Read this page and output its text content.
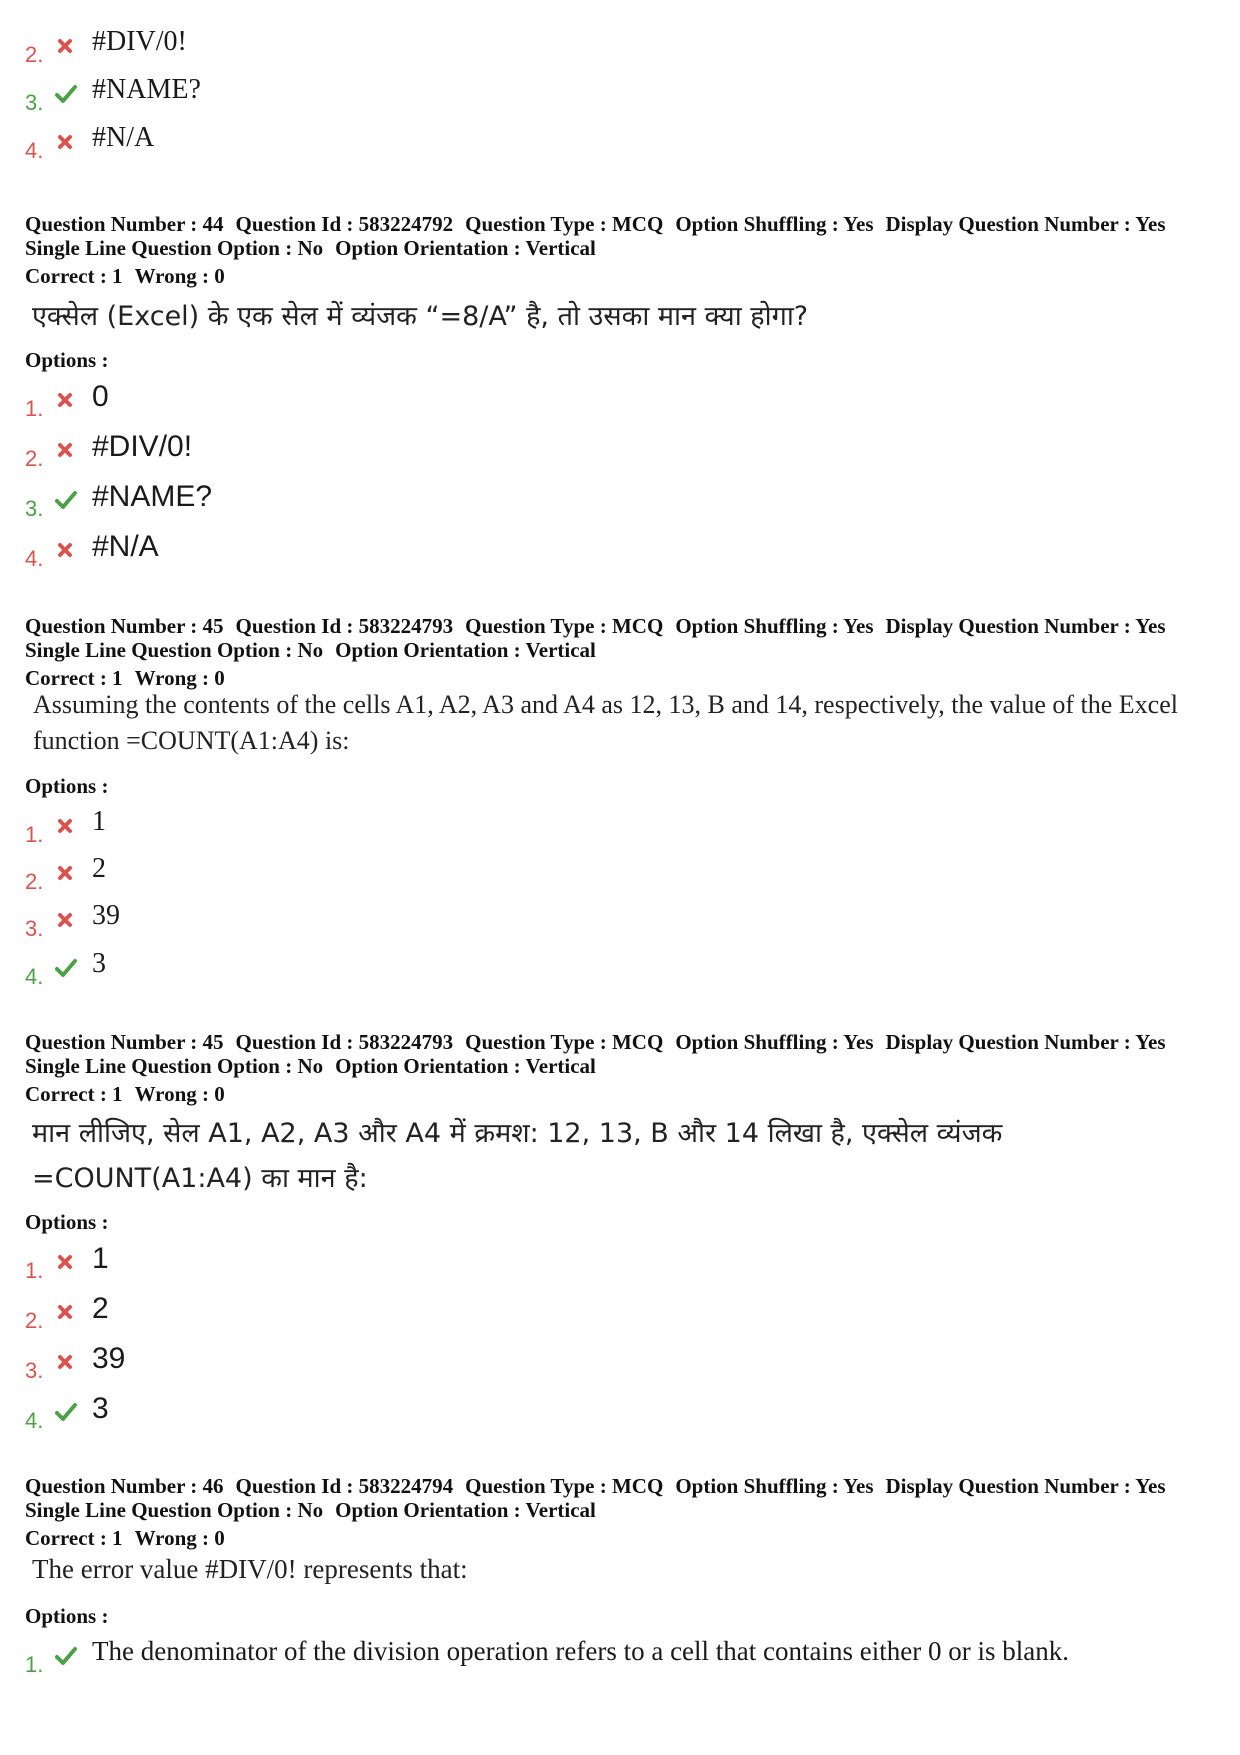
2. #DIV/0!
3. #NAME?
4. #N/A
Question Number : 44 Question Id : 583224792 Question Type : MCQ Option Shuffling : Yes Display Question Number : Yes
Single Line Question Option : No Option Orientation : Vertical
Correct : 1 Wrong : 0
एक्सेल (Excel) के एक सेल में व्यंजक “=8/A” है, तो उसका मान क्या होगा?
Options :
1. 0
2. #DIV/0!
3. #NAME?
4. #N/A
Question Number : 45 Question Id : 583224793 Question Type : MCQ Option Shuffling : Yes Display Question Number : Yes
Single Line Question Option : No Option Orientation : Vertical
Correct : 1 Wrong : 0
Assuming the contents of the cells A1, A2, A3 and A4 as 12, 13, B and 14, respectively, the value of the Excel
function =COUNT(A1:A4) is:
Options :
1. 1
2. 2
3. 39
4. 3
Question Number : 45 Question Id : 583224793 Question Type : MCQ Option Shuffling : Yes Display Question Number : Yes
Single Line Question Option : No Option Orientation : Vertical
Correct : 1 Wrong : 0
मान लीजिए, सेल A1, A2, A3 और A4 में क्रमश: 12, 13, B और 14 लिखा है, एक्सेल व्यंजक
=COUNT(A1:A4) का मान है:
Options :
1. 1
2. 2
3. 39
4. 3
Question Number : 46 Question Id : 583224794 Question Type : MCQ Option Shuffling : Yes Display Question Number : Yes
Single Line Question Option : No Option Orientation : Vertical
Correct : 1 Wrong : 0
The error value #DIV/0! represents that:
Options :
1. The denominator of the division operation refers to a cell that contains either 0 or is blank.
